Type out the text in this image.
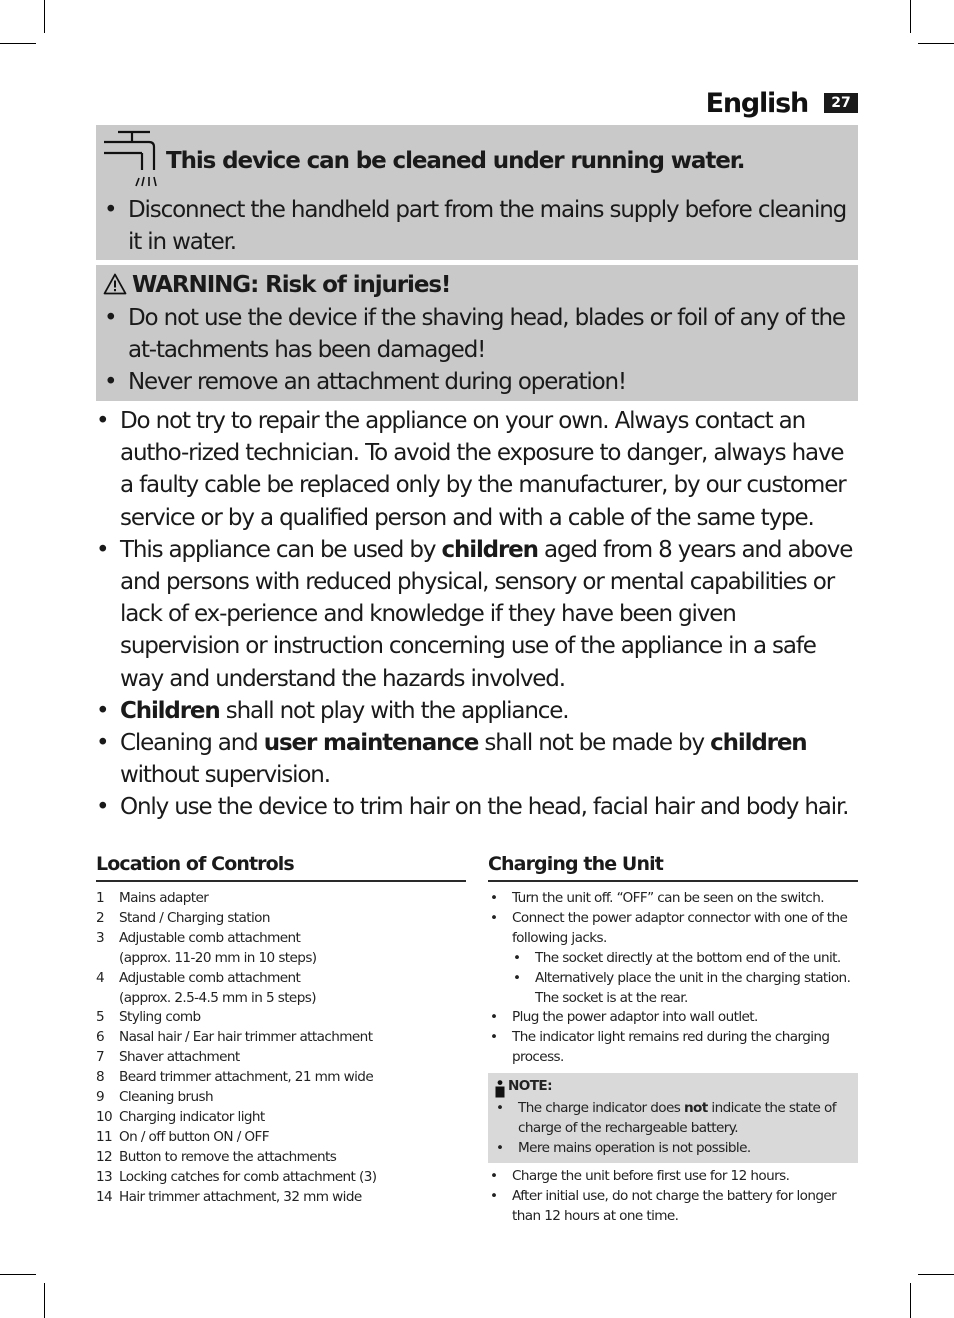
English	27
This device can be cleaned under running water.
• Disconnect the handheld part from the mains supply before cleaning it in water.
WARNING: Risk of injuries!
• Do not use the device if the shaving head, blades or foil of any of the at-tachments has been damaged!
• Never remove an attachment during operation!
• Do not try to repair the appliance on your own. Always contact an autho-rized technician. To avoid the exposure to danger, always have a faulty cable be replaced only by the manufacturer, by our customer service or by a qualified person and with a cable of the same type.
• This appliance can be used by children aged from 8 years and above and persons with reduced physical, sensory or mental capabilities or lack of ex-perience and knowledge if they have been given supervision or instruction concerning use of the appliance in a safe way and understand the hazards involved.
• Children shall not play with the appliance.
• Cleaning and user maintenance shall not be made by children without supervision.
• Only use the device to trim hair on the head, facial hair and body hair.
Location of Controls
1	Mains adapter
2	Stand / Charging station
3	Adjustable comb attachment
(approx. 11-20 mm in 10 steps)
4	Adjustable comb attachment
(approx. 2.5-4.5 mm in 5 steps)
5	Styling comb
6	Nasal hair / Ear hair trimmer attachment
7	Shaver attachment
8	Beard trimmer attachment, 21 mm wide
9	Cleaning brush
10 Charging indicator light
11 On / off button ON / OFF
12 Button to remove the attachments
13 Locking catches for comb attachment (3)
14 Hair trimmer attachment, 32 mm wide
Charging the Unit
• Turn the unit off. “OFF” can be seen on the switch.
• Connect the power adaptor connector with one of the following jacks.
• The socket directly at the bottom end of the unit.
• Alternatively place the unit in the charging station. The socket is at the rear.
• Plug the power adaptor into wall outlet.
• The indicator light remains red during the charging process.
NOTE:
• The charge indicator does not indicate the state of charge of the rechargeable battery.
• Mere mains operation is not possible.
• Charge the unit before first use for 12 hours.
• After initial use, do not charge the battery for longer than 12 hours at one time.
